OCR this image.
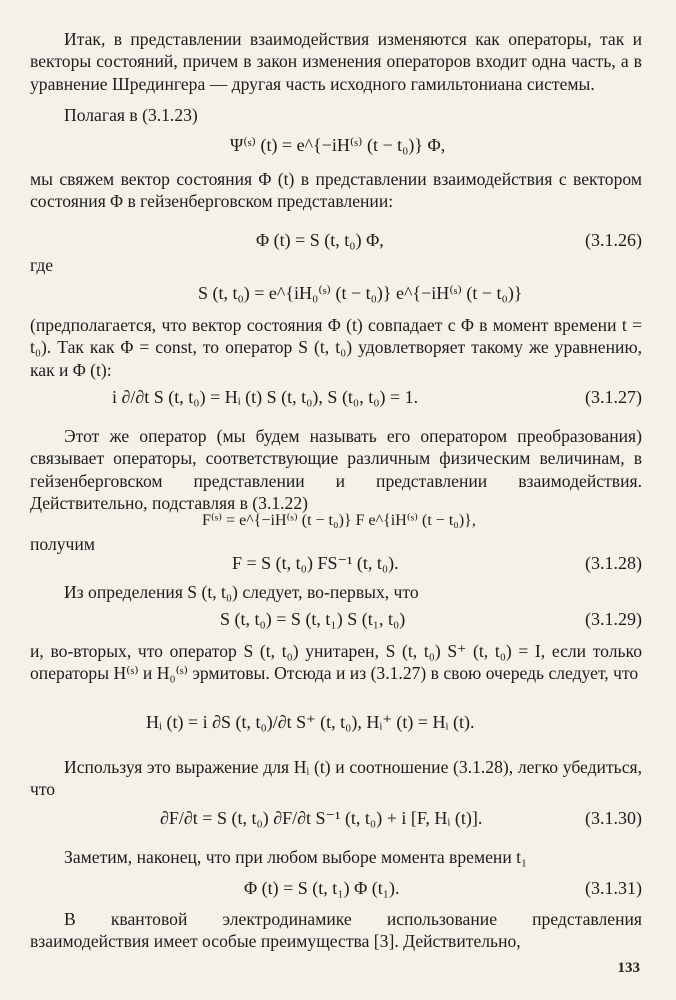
Итак, в представлении взаимодействия изменяются как операторы, так и векторы состояний, причем в закон изменения операторов входит одна часть, а в уравнение Шредингера — другая часть исходного гамильтониана системы.

Полагая в (3.1.23)

Ψ⁽ˢ⁾ (t) = e^{−iH⁽ˢ⁾ (t − t₀)} Φ,

мы свяжем вектор состояния Φ (t) в представлении взаимодействия с вектором состояния Φ в гейзенберговском представлении:

Φ (t) = S (t, t₀) Φ,	(3.1.26)

где

S (t, t₀) = e^{iH₀⁽ˢ⁾ (t − t₀)} e^{−iH⁽ˢ⁾ (t − t₀)}

(предполагается, что вектор состояния Φ (t) совпадает с Φ в момент времени t = t₀). Так как Φ = const, то оператор S (t, t₀) удовлетворяет такому же уравнению, как и Φ (t):

i ∂/∂t S (t, t₀) = Hᵢ (t) S (t, t₀), S (t₀, t₀) = 1.	(3.1.27)

Этот же оператор (мы будем называть его оператором преобразования) связывает операторы, соответствующие различным физическим величинам, в гейзенберговском представлении и представлении взаимодействия. Действительно, подставляя в (3.1.22)

F⁽ˢ⁾ = e^{−iH⁽ˢ⁾ (t − t₀)} F e^{iH⁽ˢ⁾ (t − t₀)},

получим

F = S (t, t₀) FS⁻¹ (t, t₀).	(3.1.28)

Из определения S (t, t₀) следует, во-первых, что

S (t, t₀) = S (t, t₁) S (t₁, t₀)	(3.1.29)

и, во-вторых, что оператор S (t, t₀) унитарен, S (t, t₀) S⁺ (t, t₀) = I, если только операторы H⁽ˢ⁾ и H₀⁽ˢ⁾ эрмитовы. Отсюда и из (3.1.27) в свою очередь следует, что

Hᵢ (t) = i ∂S (t, t₀)/∂t S⁺ (t, t₀), Hᵢ⁺ (t) = Hᵢ (t).

Используя это выражение для Hᵢ (t) и соотношение (3.1.28), легко убедиться, что

∂F/∂t = S (t, t₀) ∂F/∂t S⁻¹ (t, t₀) + i [F, Hᵢ (t)].	(3.1.30)

Заметим, наконец, что при любом выборе момента времени t₁

Φ (t) = S (t, t₁) Φ (t₁).	(3.1.31)

В квантовой электродинамике использование представления взаимодействия имеет особые преимущества [3]. Действительно,

133
